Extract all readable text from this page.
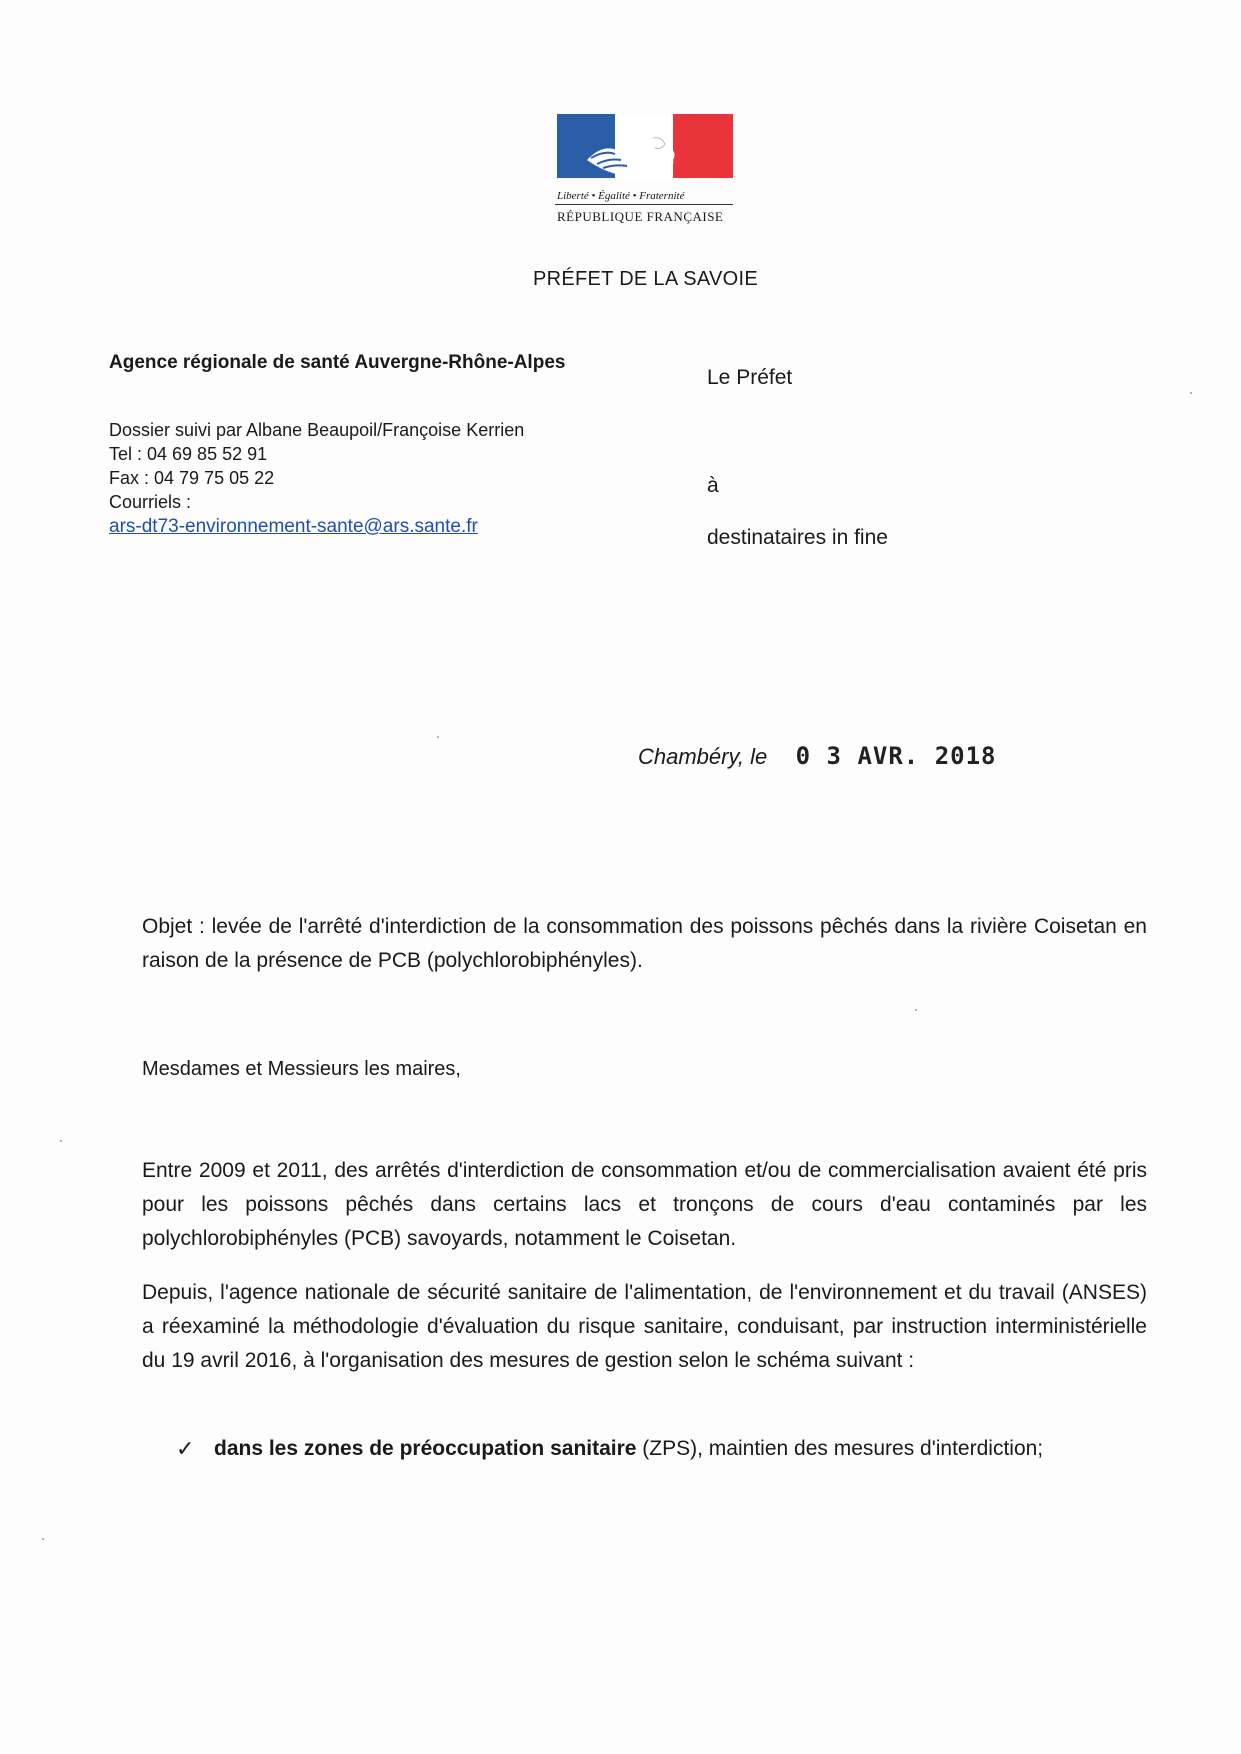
Liberté • Égalité • Fraternité
RÉPUBLIQUE FRANÇAISE
PRÉFET DE LA SAVOIE
Agence régionale de santé Auvergne-Rhône-Alpes
Dossier suivi par Albane Beaupoil/Françoise Kerrien
Tel : 04 69 85 52 91
Fax : 04 79 75 05 22
Courriels :
ars-dt73-environnement-sante@ars.sante.fr
Le Préfet
à
destinataires in fine
Chambéry, le 0 3 AVR. 2018

Objet : levée de l'arrêté d'interdiction de la consommation des poissons pêchés dans la rivière Coisetan en raison de la présence de PCB (polychlorobiphényles).

Mesdames et Messieurs les maires,

Entre 2009 et 2011, des arrêtés d'interdiction de consommation et/ou de commercialisation avaient été pris pour les poissons pêchés dans certains lacs et tronçons de cours d'eau contaminés par les polychlorobiphényles (PCB) savoyards, notamment le Coisetan.

Depuis, l'agence nationale de sécurité sanitaire de l'alimentation, de l'environnement et du travail (ANSES) a réexaminé la méthodologie d'évaluation du risque sanitaire, conduisant, par instruction interministérielle du 19 avril 2016, à l'organisation des mesures de gestion selon le schéma suivant :

✓ dans les zones de préoccupation sanitaire (ZPS), maintien des mesures d'interdiction;
